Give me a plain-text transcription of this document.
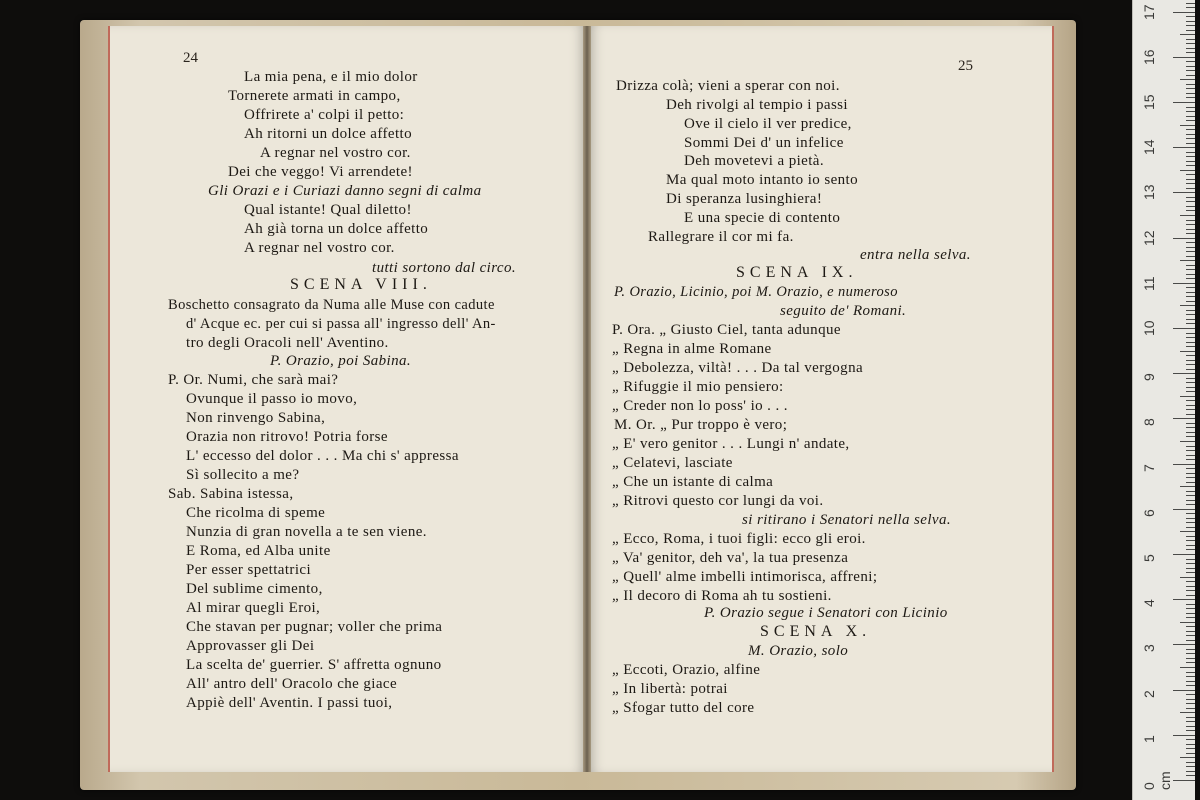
24	25
La mia pena, e il mio dolor
Tornerete armati in campo,
Offrirete a' colpi il petto:
Ah ritorni un dolce affetto
A regnar nel vostro cor.
Dei che veggo! Vi arrendete!
Gli Orazi e i Curiazi danno segni di calma
Qual istante! Qual diletto!
Ah già torna un dolce affetto
A regnar nel vostro cor.
tutti sortono dal circo.
SCENA VIII.
Boschetto consagrato da Numa alle Muse con cadute
d' Acque ec. per cui si passa all' ingresso dell' An-
tro degli Oracoli nell' Aventino.
P. Orazio, poi Sabina.
P. Or. Numi, che sarà mai?
Ovunque il passo io movo,
Non rinvengo Sabina,
Orazia non ritrovo! Potria forse
L' eccesso del dolor . . . Ma chi s' appressa
Sì sollecito a me?
Sab. Sabina istessa,
Che ricolma di speme
Nunzia di gran novella a te sen viene.
E Roma, ed Alba unite
Per esser spettatrici
Del sublime cimento,
Al mirar quegli Eroi,
Che stavan per pugnar; voller che prima
Approvasser gli Dei
La scelta de' guerrier. S' affretta ognuno
All' antro dell' Oracolo che giace
Appiè dell' Aventin. I passi tuoi,
Drizza colà; vieni a sperar con noi.
Deh rivolgi al tempio i passi
Ove il cielo il ver predice,
Sommi Dei d' un infelice
Deh movetevi a pietà.
Ma qual moto intanto io sento
Di speranza lusinghiera!
E una specie di contento
Rallegrare il cor mi fa.
entra nella selva.
SCENA IX.
P. Orazio, Licinio, poi M. Orazio, e numeroso
seguito de' Romani.
P. Ora. „ Giusto Ciel, tanta adunque
„ Regna in alme Romane
„ Debolezza, viltà! . . . Da tal vergogna
„ Rifuggie il mio pensiero:
„ Creder non lo poss' io . . .
M. Or. „ Pur troppo è vero;
„ E' vero genitor . . . Lungi n' andate,
„ Celatevi, lasciate
„ Che un istante di calma
„ Ritrovi questo cor lungi da voi.
si ritirano i Senatori nella selva.
„ Ecco, Roma, i tuoi figli: ecco gli eroi.
„ Va' genitor, deh va', la tua presenza
„ Quell' alme imbelli intimorisca, affreni;
„ Il decoro di Roma ah tu sostieni.
P. Orazio segue i Senatori con Licinio
SCENA X.
M. Orazio, solo
„ Eccoti, Orazio, alfine
„ In libertà: potrai
„ Sfogar tutto del core
0 cm
1
2
3
4
5
6
7
8
9
10
11
12
13
14
15
16
17
